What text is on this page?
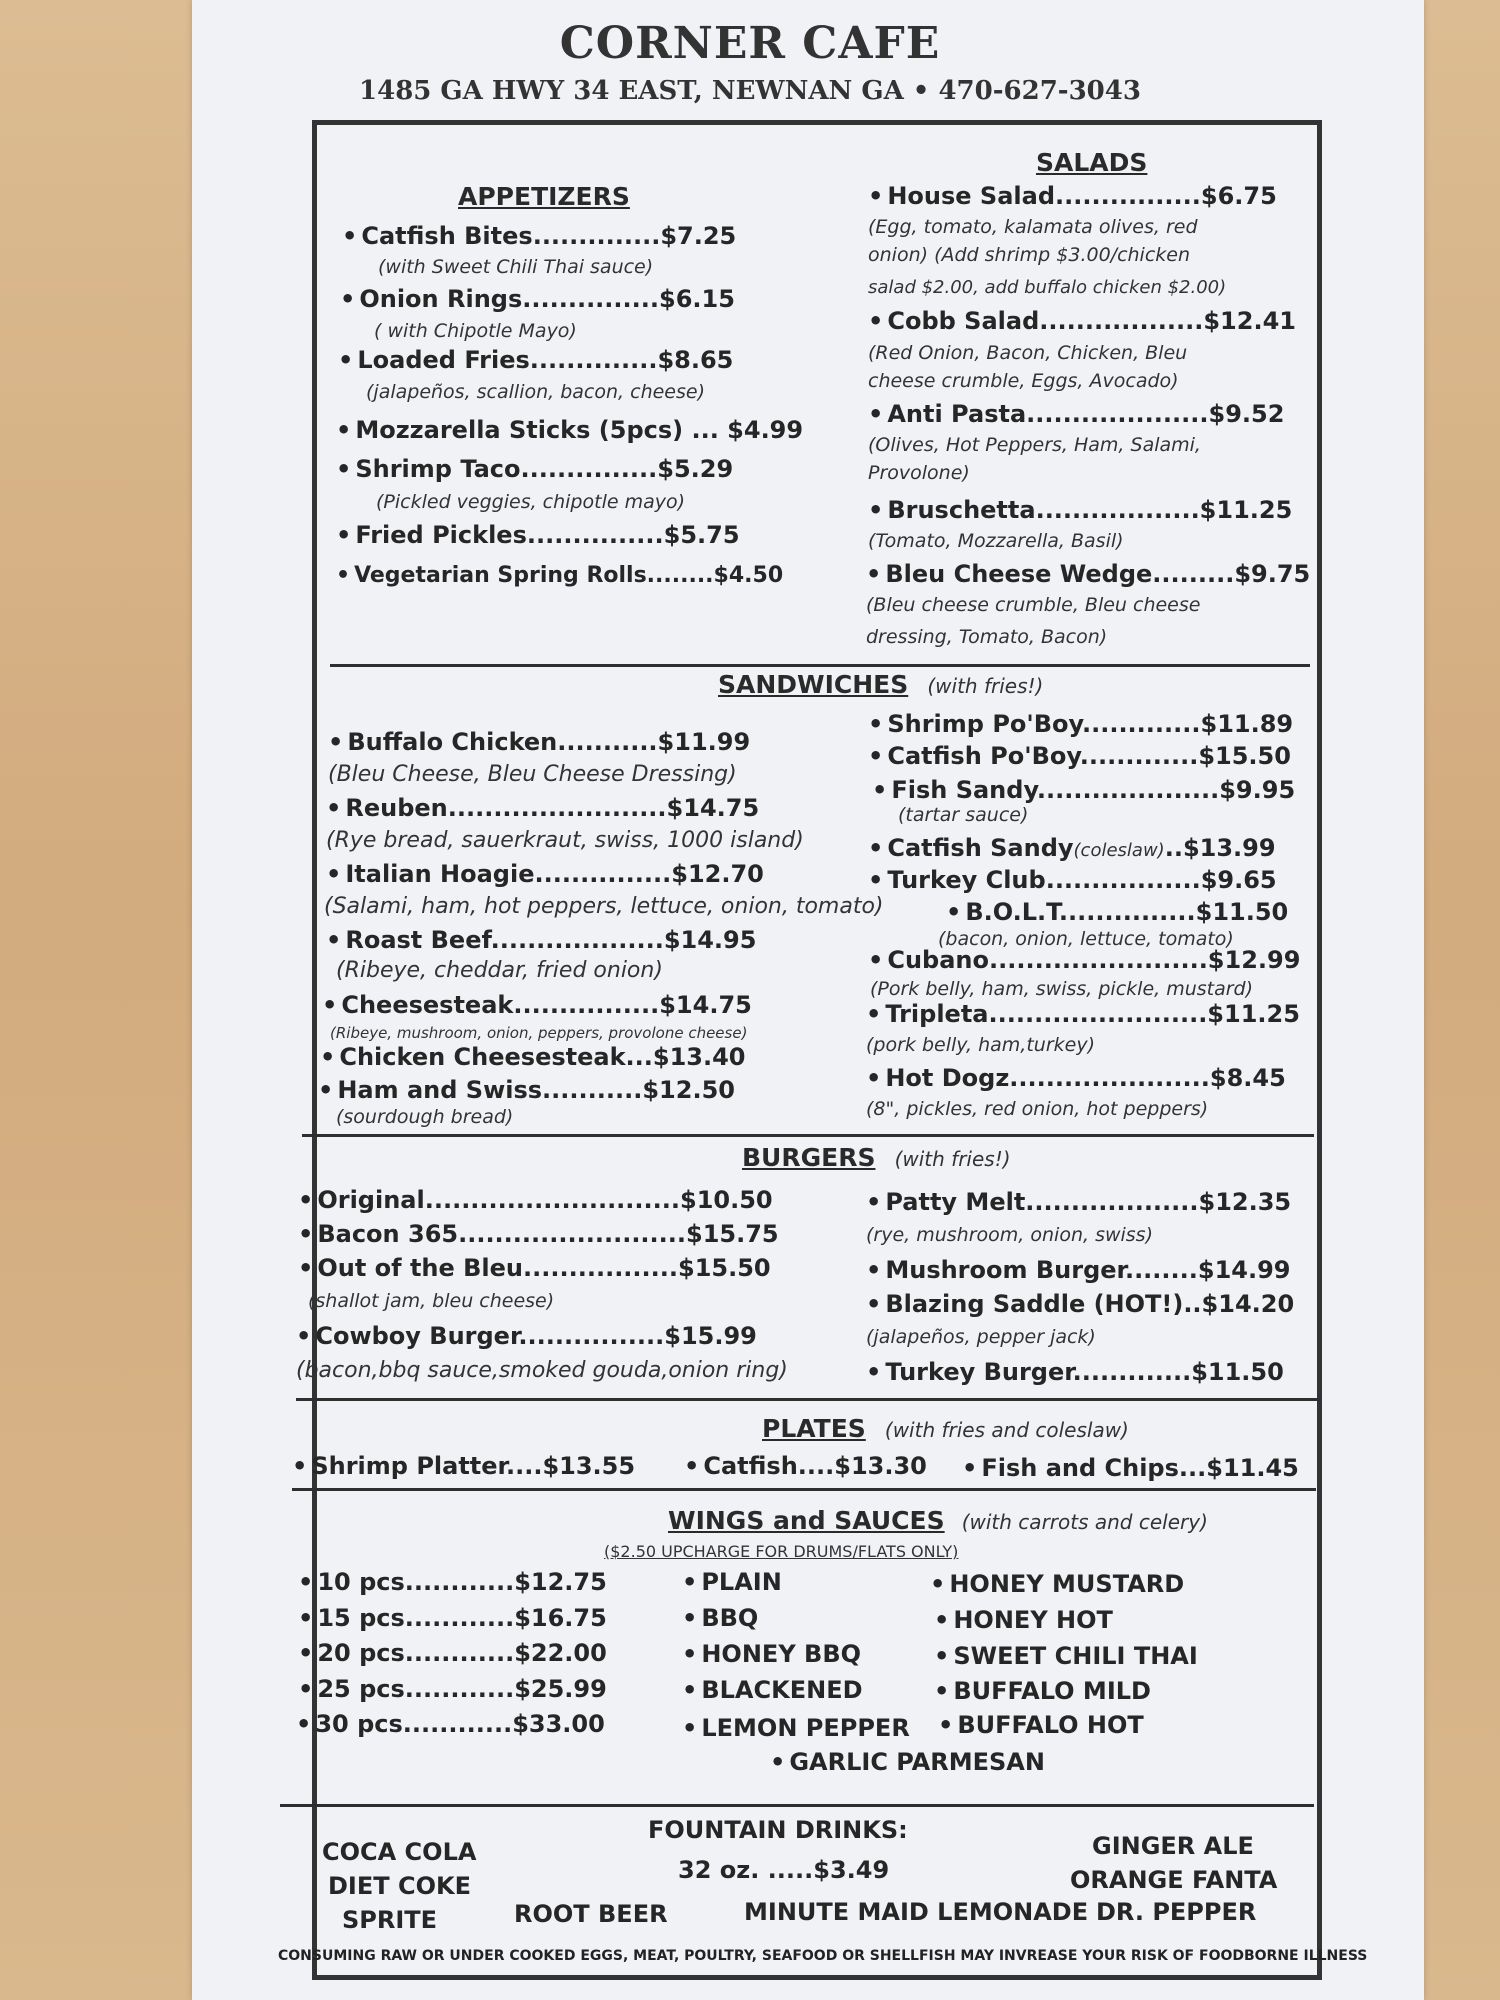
CORNER CAFE
1485 GA HWY 34 EAST, NEWNAN GA • 470-627-3043
APPETIZERS
• Catfish Bites..............$7.25
(with Sweet Chili Thai sauce)
• Onion Rings...............$6.15
( with Chipotle Mayo)
• Loaded Fries..............$8.65
(jalapeños, scallion, bacon, cheese)
• Mozzarella Sticks (5pcs) ... $4.99
• Shrimp Taco...............$5.29
(Pickled veggies, chipotle mayo)
• Fried Pickles...............$5.75
• Vegetarian Spring Rolls........$4.50
SALADS
• House Salad................$6.75
(Egg, tomato, kalamata olives, red
onion) (Add shrimp $3.00/chicken
salad $2.00, add buffalo chicken $2.00)
• Cobb Salad..................$12.41
(Red Onion, Bacon, Chicken, Bleu
cheese crumble, Eggs, Avocado)
• Anti Pasta....................$9.52
(Olives, Hot Peppers, Ham, Salami,
Provolone)
• Bruschetta..................$11.25
(Tomato, Mozzarella, Basil)
• Bleu Cheese Wedge.........$9.75
(Bleu cheese crumble, Bleu cheese
dressing, Tomato, Bacon)
SANDWICHES (with fries!)
• Buffalo Chicken...........$11.99
(Bleu Cheese, Bleu Cheese Dressing)
• Reuben........................$14.75
(Rye bread, sauerkraut, swiss, 1000 island)
• Italian Hoagie...............$12.70
(Salami, ham, hot peppers, lettuce, onion, tomato)
• Roast Beef...................$14.95
(Ribeye, cheddar, fried onion)
• Cheesesteak................$14.75
(Ribeye, mushroom, onion, peppers, provolone cheese)
• Chicken Cheesesteak...$13.40
• Ham and Swiss...........$12.50
(sourdough bread)
• Shrimp Po'Boy.............$11.89
• Catfish Po'Boy.............$15.50
• Fish Sandy....................$9.95
(tartar sauce)
• Catfish Sandy(coleslaw)..$13.99
• Turkey Club.................$9.65
• B.O.L.T...............$11.50
(bacon, onion, lettuce, tomato)
• Cubano........................$12.99
(Pork belly, ham, swiss, pickle, mustard)
• Tripleta........................$11.25
(pork belly, ham,turkey)
• Hot Dogz......................$8.45
(8", pickles, red onion, hot peppers)
BURGERS (with fries!)
• Original............................$10.50
• Bacon 365.........................$15.75
• Out of the Bleu.................$15.50
(shallot jam, bleu cheese)
• Cowboy Burger................$15.99
(bacon,bbq sauce,smoked gouda,onion ring)
• Patty Melt...................$12.35
(rye, mushroom, onion, swiss)
• Mushroom Burger........$14.99
• Blazing Saddle (HOT!)..$14.20
(jalapeños, pepper jack)
• Turkey Burger.............$11.50
PLATES (with fries and coleslaw)
• Shrimp Platter....$13.55 • Catfish....$13.30 • Fish and Chips...$11.45
WINGS and SAUCES (with carrots and celery)
($2.50 UPCHARGE FOR DRUMS/FLATS ONLY)
• 10 pcs............$12.75
• 15 pcs............$16.75
• 20 pcs............$22.00
• 25 pcs............$25.99
• 30 pcs............$33.00
• PLAIN
• BBQ
• HONEY BBQ
• BLACKENED
• LEMON PEPPER
• HONEY MUSTARD
• HONEY HOT
• SWEET CHILI THAI
• BUFFALO MILD
• BUFFALO HOT
• GARLIC PARMESAN
FOUNTAIN DRINKS:
32 oz. .....$3.49
COCA COLA
DIET COKE
SPRITE	ROOT BEER	MINUTE MAID LEMONADE
GINGER ALE
ORANGE FANTA
DR. PEPPER
CONSUMING RAW OR UNDER COOKED EGGS, MEAT, POULTRY, SEAFOOD OR SHELLFISH MAY INVREASE YOUR RISK OF FOODBORNE ILLNESS
